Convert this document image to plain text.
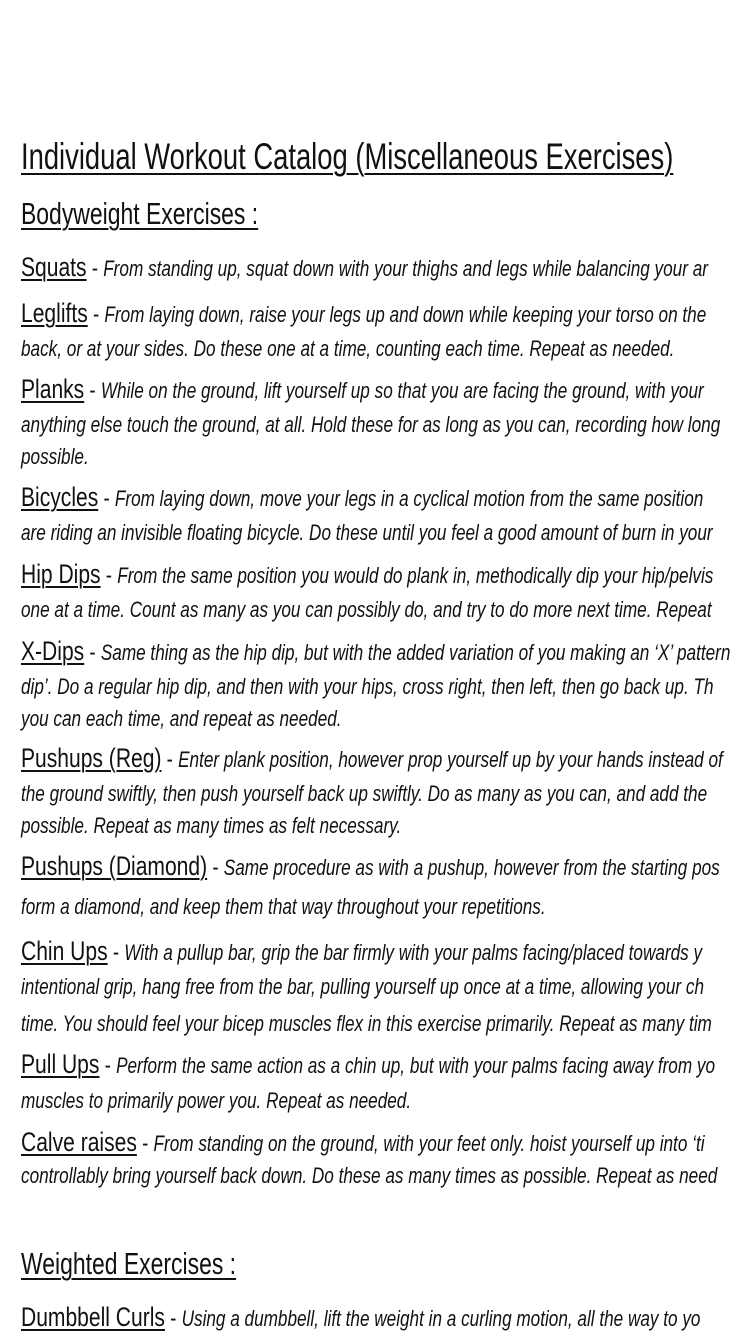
Individual Workout Catalog (Miscellaneous Exercises)
Bodyweight Exercises :
Squats - From standing up, squat down with your thighs and legs while balancing your ar
Leglifts - From laying down, raise your legs up and down while keeping your torso on the
back, or at your sides. Do these one at a time, counting each time. Repeat as needed.
Planks - While on the ground, lift yourself up so that you are facing the ground, with your
anything else touch the ground, at all. Hold these for as long as you can, recording how long
possible.
Bicycles - From laying down, move your legs in a cyclical motion from the same position
are riding an invisible floating bicycle. Do these until you feel a good amount of burn in your
Hip Dips - From the same position you would do plank in, methodically dip your hip/pelvis
one at a time. Count as many as you can possibly do, and try to do more next time. Repeat
X-Dips - Same thing as the hip dip, but with the added variation of you making an ‘X’ pattern
dip’. Do a regular hip dip, and then with your hips, cross right, then left, then go back up. Th
you can each time, and repeat as needed.
Pushups (Reg) - Enter plank position, however prop yourself up by your hands instead of
the ground swiftly, then push yourself back up swiftly. Do as many as you can, and add the
possible. Repeat as many times as felt necessary.
Pushups (Diamond) - Same procedure as with a pushup, however from the starting pos
form a diamond, and keep them that way throughout your repetitions.
Chin Ups - With a pullup bar, grip the bar firmly with your palms facing/placed towards y
intentional grip, hang free from the bar, pulling yourself up once at a time, allowing your ch
time. You should feel your bicep muscles flex in this exercise primarily. Repeat as many tim
Pull Ups - Perform the same action as a chin up, but with your palms facing away from yo
muscles to primarily power you. Repeat as needed.
Calve raises - From standing on the ground, with your feet only. hoist yourself up into ‘ti
controllably bring yourself back down. Do these as many times as possible. Repeat as need
Weighted Exercises :
Dumbbell Curls - Using a dumbbell, lift the weight in a curling motion, all the way to yo
